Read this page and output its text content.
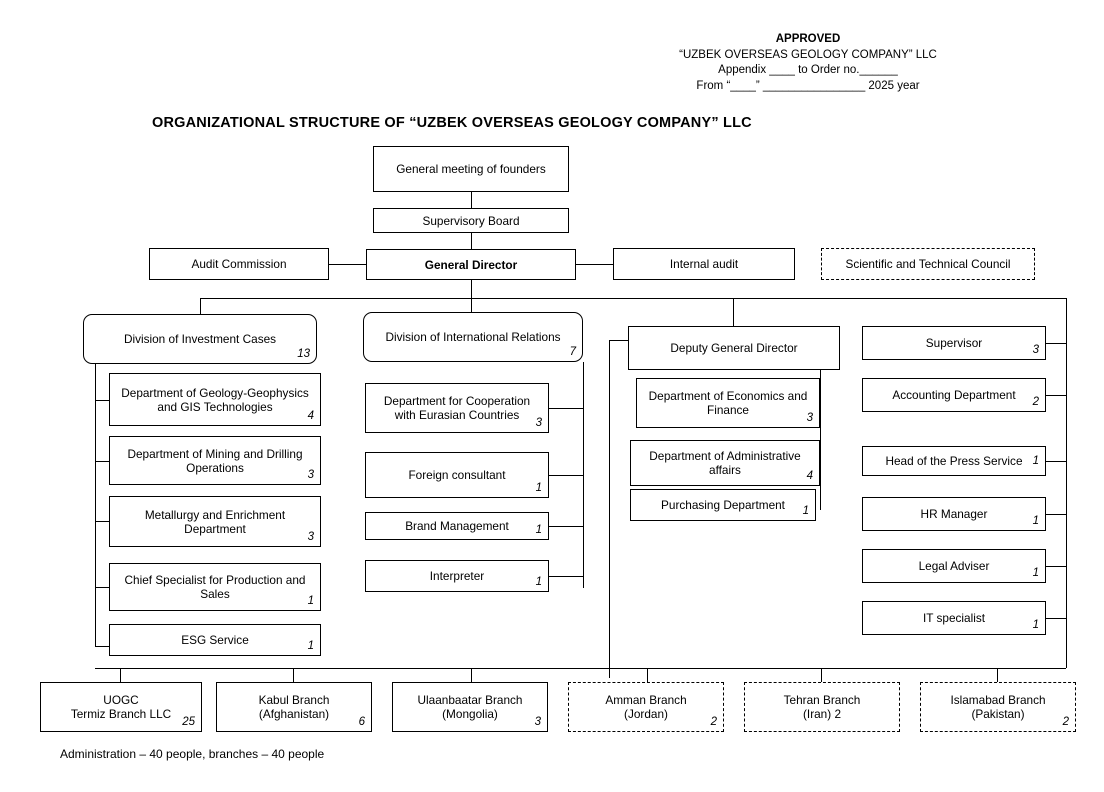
APPROVED
“UZBEK OVERSEAS GEOLOGY COMPANY” LLC
Appendix ____ to Order no.______
From “____” ________________ 2025 year
ORGANIZATIONAL STRUCTURE OF “UZBEK OVERSEAS GEOLOGY COMPANY” LLC
General meeting of founders
Supervisory Board
General Director
Audit Commission	Internal audit	Scientific and Technical Council
Division of Investment Cases
13
Department of Geology-Geophysics and GIS Technologies
4
Department of Mining and Drilling Operations
3
Metallurgy and Enrichment Department
3
Chief Specialist for Production and Sales	1
ESG Service	1
Division of International Relations
7
Department for Cooperation with Eurasian Countries
3
Foreign consultant
1
Brand Management	1
Interpreter	1
Deputy General Director
Department of Economics and Finance
3
Department of Administrative affairs	4
Purchasing Department	1
Supervisor	3
Accounting Department	2
Head of the Press Service 1
HR Manager	1
Legal Adviser	1
IT specialist	1
UOGC
Termiz Branch LLC
25
Kabul Branch
(Afghanistan)
6
Ulaanbaatar Branch
(Mongolia)
3
Amman Branch
(Jordan)
2
Tehran Branch
(Iran) 2
Islamabad Branch
(Pakistan)
2
Administration – 40 people, branches – 40 people
